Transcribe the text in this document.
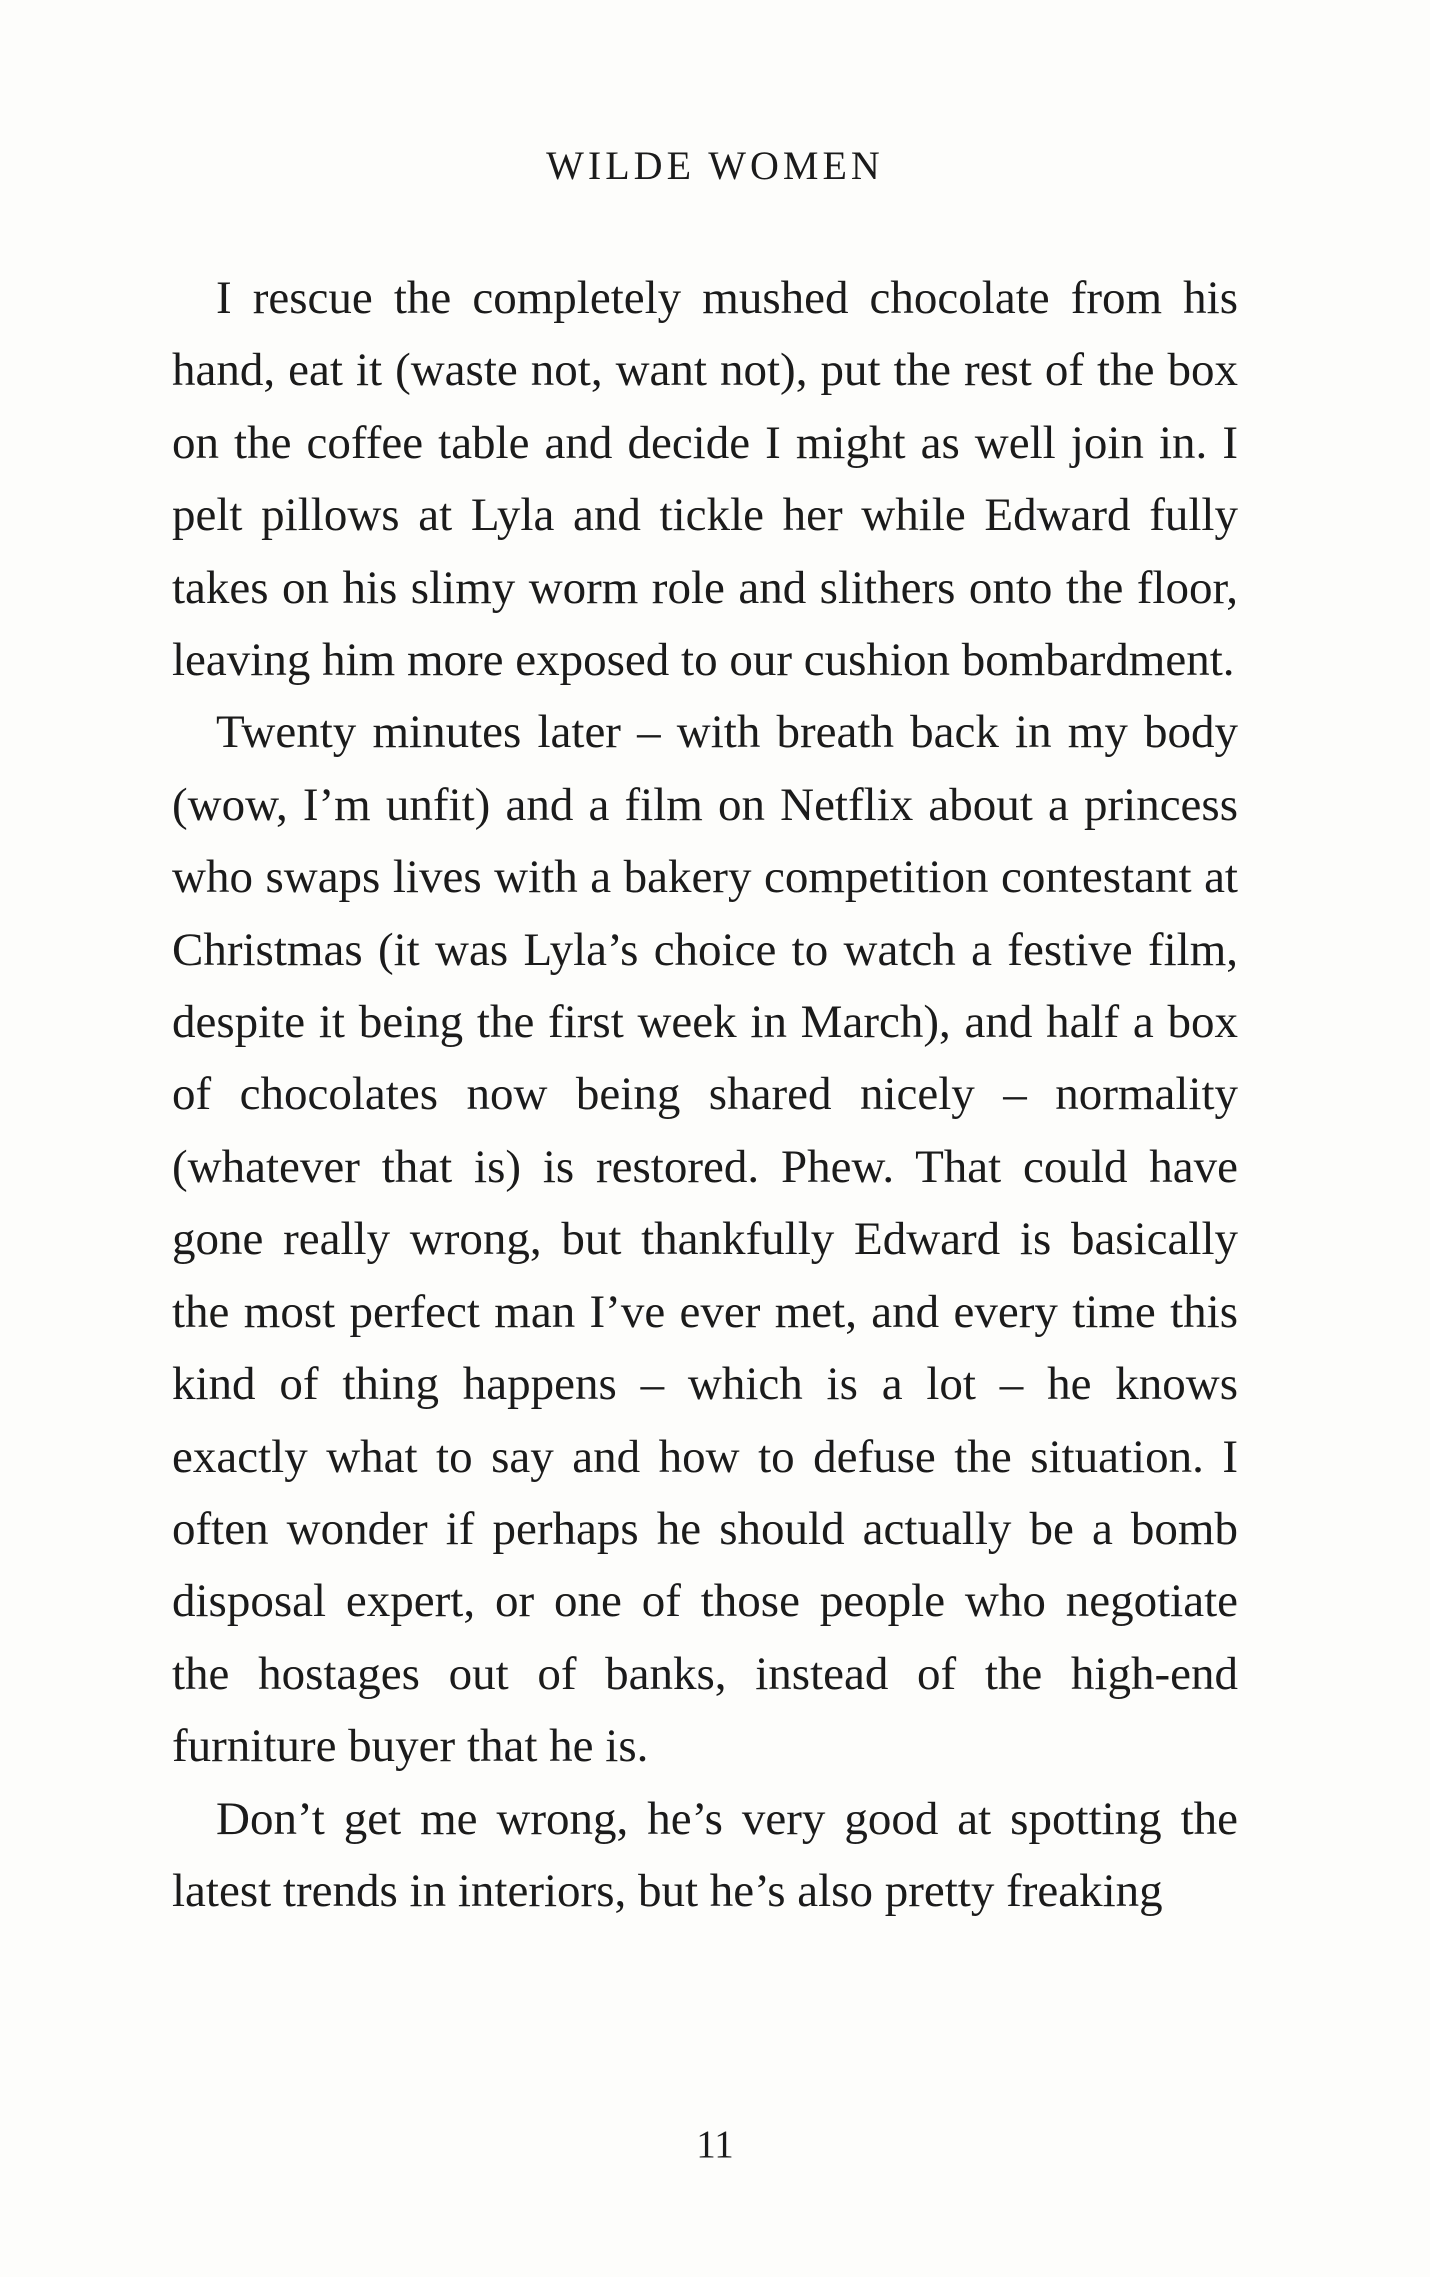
WILDE WOMEN

I rescue the completely mushed chocolate from his hand, eat it (waste not, want not), put the rest of the box on the coffee table and decide I might as well join in. I pelt pillows at Lyla and tickle her while Edward fully takes on his slimy worm role and slithers onto the floor, leaving him more exposed to our cushion bombardment.

Twenty minutes later – with breath back in my body (wow, I’m unfit) and a film on Netflix about a princess who swaps lives with a bakery competition contestant at Christmas (it was Lyla’s choice to watch a festive film, despite it being the first week in March), and half a box of chocolates now being shared nicely – normality (whatever that is) is restored. Phew. That could have gone really wrong, but thankfully Edward is basically the most perfect man I’ve ever met, and every time this kind of thing happens – which is a lot – he knows exactly what to say and how to defuse the situation. I often wonder if perhaps he should actually be a bomb disposal expert, or one of those people who negotiate the hostages out of banks, instead of the high-end furniture buyer that he is.

Don’t get me wrong, he’s very good at spotting the latest trends in interiors, but he’s also pretty freaking

11
